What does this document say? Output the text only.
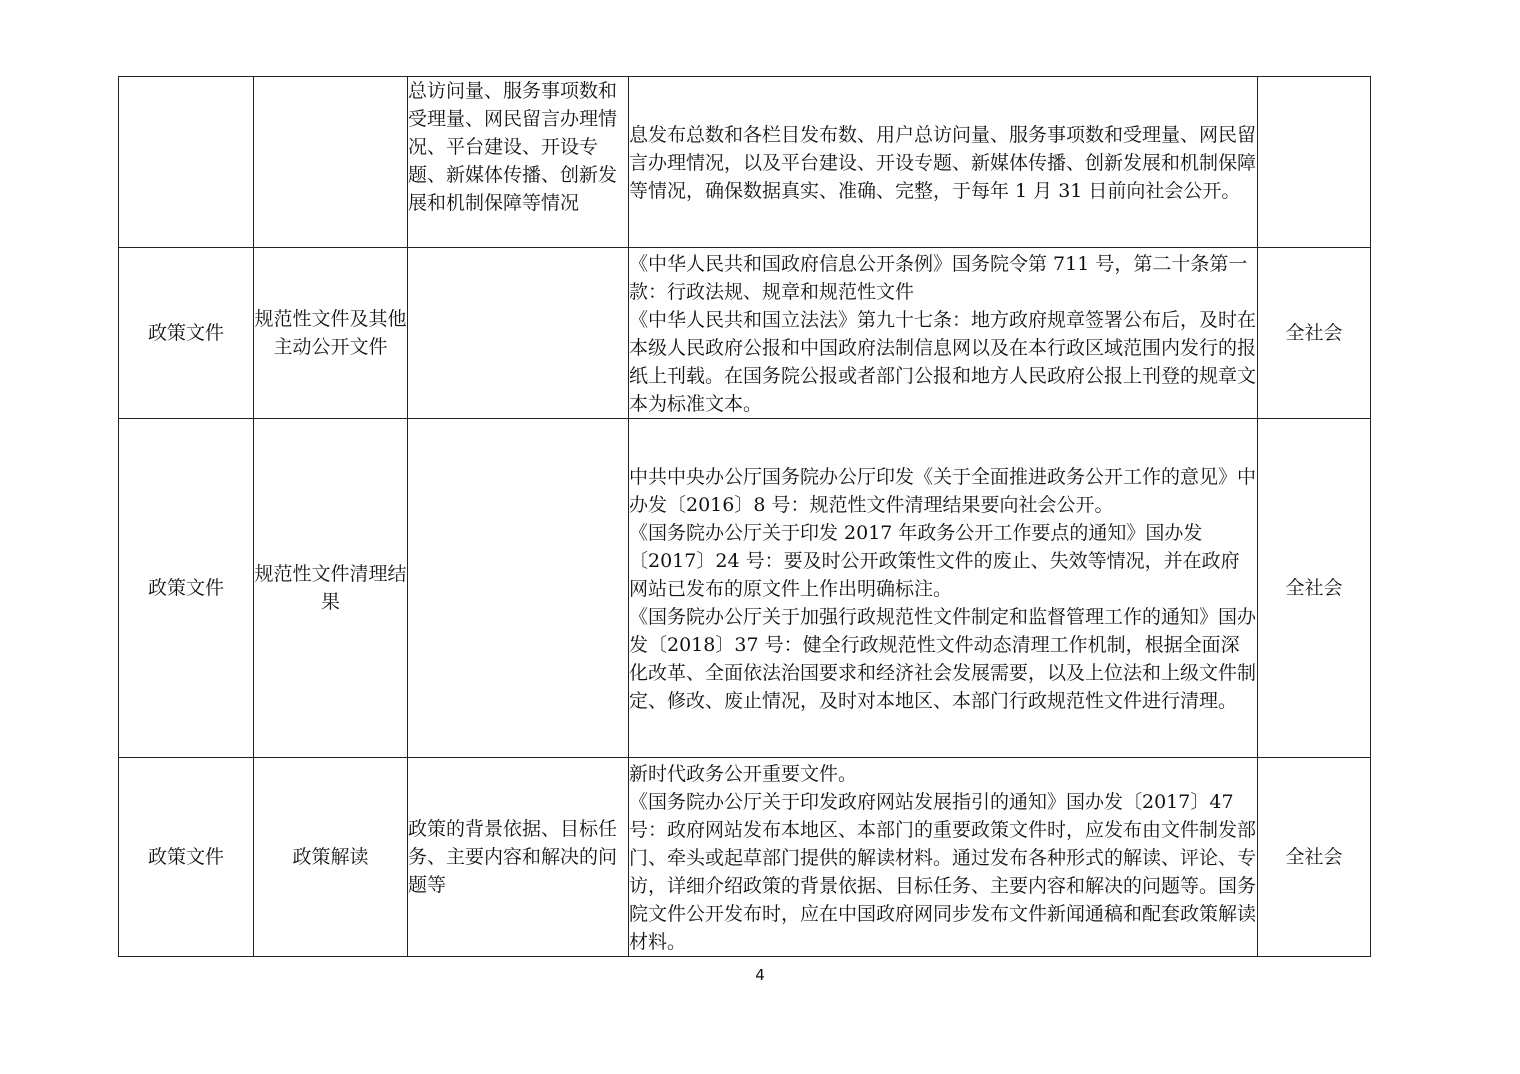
		总访问量、服务事项数和受理量、网民留言办理情况、平台建设、开设专题、新媒体传播、创新发展和机制保障等情况	息发布总数和各栏目发布数、用户总访问量、服务事项数和受理量、网民留言办理情况，以及平台建设、开设专题、新媒体传播、创新发展和机制保障等情况，确保数据真实、准确、完整，于每年 1 月 31 日前向社会公开。	

政策文件	规范性文件及其他主动公开文件		《中华人民共和国政府信息公开条例》国务院令第 711 号，第二十条第一款：行政法规、规章和规范性文件
《中华人民共和国立法法》第九十七条：地方政府规章签署公布后，及时在本级人民政府公报和中国政府法制信息网以及在本行政区域范围内发行的报纸上刊载。在国务院公报或者部门公报和地方人民政府公报上刊登的规章文本为标准文本。	全社会
政策文件	规范性文件清理结果		中共中央办公厅国务院办公厅印发《关于全面推进政务公开工作的意见》中办发〔2016〕8 号：规范性文件清理结果要向社会公开。
《国务院办公厅关于印发 2017 年政务公开工作要点的通知》国办发〔2017〕24 号：要及时公开政策性文件的废止、失效等情况，并在政府网站已发布的原文件上作出明确标注。
《国务院办公厅关于加强行政规范性文件制定和监督管理工作的通知》国办发〔2018〕37 号：健全行政规范性文件动态清理工作机制，根据全面深化改革、全面依法治国要求和经济社会发展需要，以及上位法和上级文件制定、修改、废止情况，及时对本地区、本部门行政规范性文件进行清理。	全社会
政策文件	政策解读	政策的背景依据、目标任务、主要内容和解决的问题等	新时代政务公开重要文件。
《国务院办公厅关于印发政府网站发展指引的通知》国办发〔2017〕47 号：政府网站发布本地区、本部门的重要政策文件时，应发布由文件制发部门、牵头或起草部门提供的解读材料。通过发布各种形式的解读、评论、专访，详细介绍政策的背景依据、目标任务、主要内容和解决的问题等。国务院文件公开发布时，应在中国政府网同步发布文件新闻通稿和配套政策解读材料。	全社会
4
